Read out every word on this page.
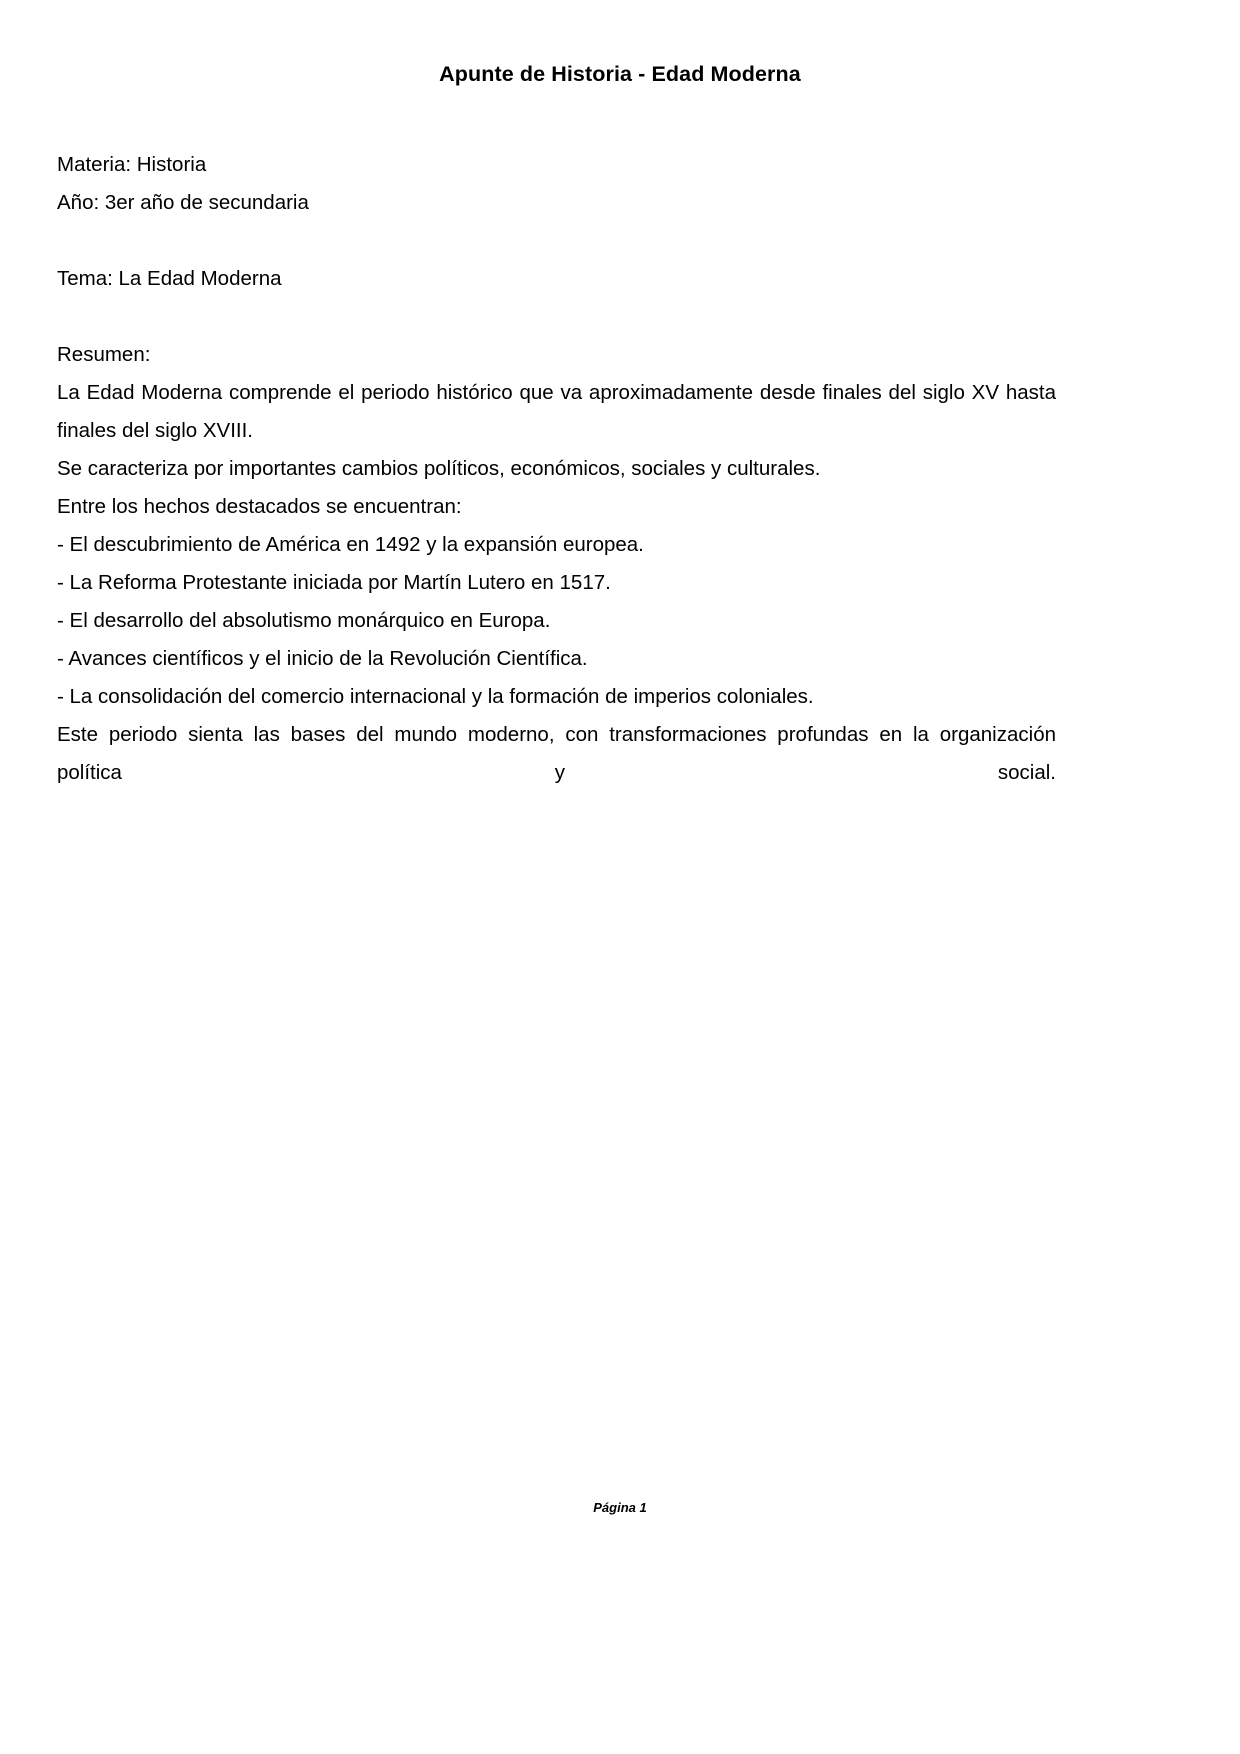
Apunte de Historia - Edad Moderna
Materia: Historia
Año: 3er año de secundaria
Tema: La Edad Moderna
Resumen:
La Edad Moderna comprende el periodo histórico que va aproximadamente desde finales del siglo XV hasta finales del siglo XVIII.
Se caracteriza por importantes cambios políticos, económicos, sociales y culturales.
Entre los hechos destacados se encuentran:
- El descubrimiento de América en 1492 y la expansión europea.
- La Reforma Protestante iniciada por Martín Lutero en 1517.
- El desarrollo del absolutismo monárquico en Europa.
- Avances científicos y el inicio de la Revolución Científica.
- La consolidación del comercio internacional y la formación de imperios coloniales.
Este periodo sienta las bases del mundo moderno, con transformaciones profundas en la organización política y social.
Página 1
